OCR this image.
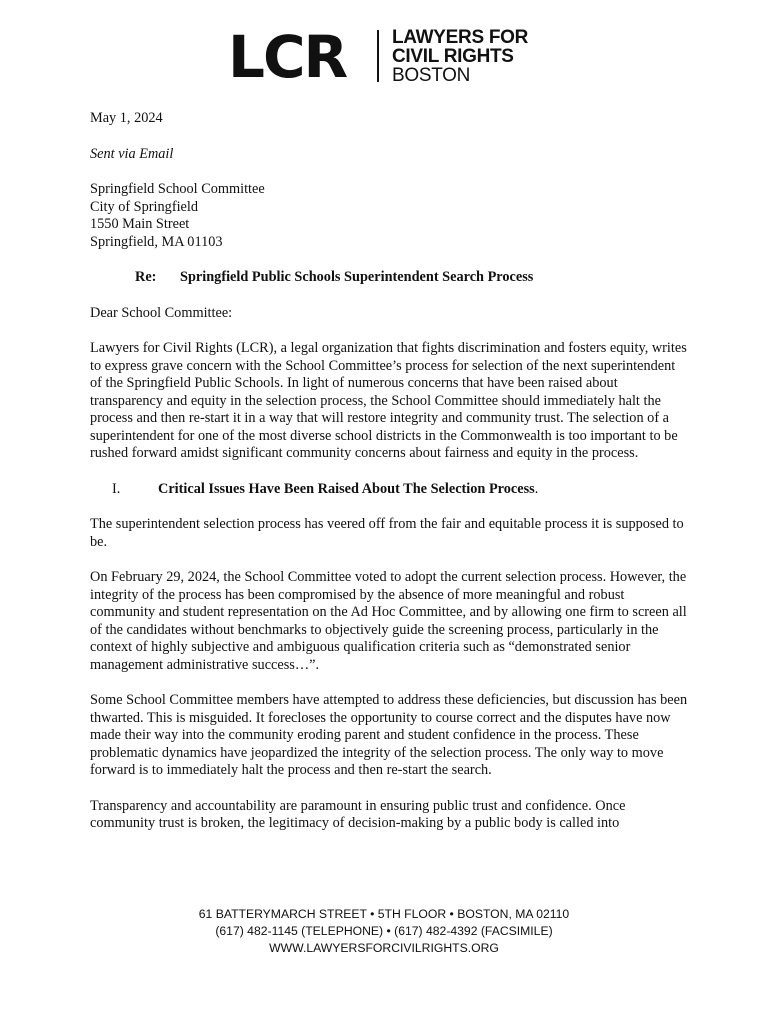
LCR LAWYERS FOR
CIVIL RIGHTS
BOSTON

May 1, 2024

Sent via Email

Springfield School Committee

City of Springfield

1550 Main Street

Springfield, MA 01103

Re: Springfield Public Schools Superintendent Search Process

Dear School Committee:

Lawyers for Civil Rights (LCR), a legal organization that fights discrimination and fosters equity, writes to express grave concern with the School Committee’s process for selection of the next superintendent of the Springfield Public Schools. In light of numerous concerns that have been raised about transparency and equity in the selection process, the School Committee should immediately halt the process and then re-start it in a way that will restore integrity and community trust. The selection of a superintendent for one of the most diverse school districts in the Commonwealth is too important to be rushed forward amidst significant community concerns about fairness and equity in the process.

I.	Critical Issues Have Been Raised About The Selection Process.

The superintendent selection process has veered off from the fair and equitable process it is supposed to be.

On February 29, 2024, the School Committee voted to adopt the current selection process. However, the integrity of the process has been compromised by the absence of more meaningful and robust community and student representation on the Ad Hoc Committee, and by allowing one firm to screen all of the candidates without benchmarks to objectively guide the screening process, particularly in the context of highly subjective and ambiguous qualification criteria such as “demonstrated senior management administrative success…”.

Some School Committee members have attempted to address these deficiencies, but discussion has been thwarted. This is misguided. It forecloses the opportunity to course correct and the disputes have now made their way into the community eroding parent and student confidence in the process. These problematic dynamics have jeopardized the integrity of the selection process. The only way to move forward is to immediately halt the process and then re-start the search.

Transparency and accountability are paramount in ensuring public trust and confidence. Once community trust is broken, the legitimacy of decision-making by a public body is called into

61 BATTERYMARCH STREET • 5TH FLOOR • BOSTON, MA 02110
(617) 482-1145 (TELEPHONE) • (617) 482-4392 (FACSIMILE)
WWW.LAWYERSFORCIVILRIGHTS.ORG
